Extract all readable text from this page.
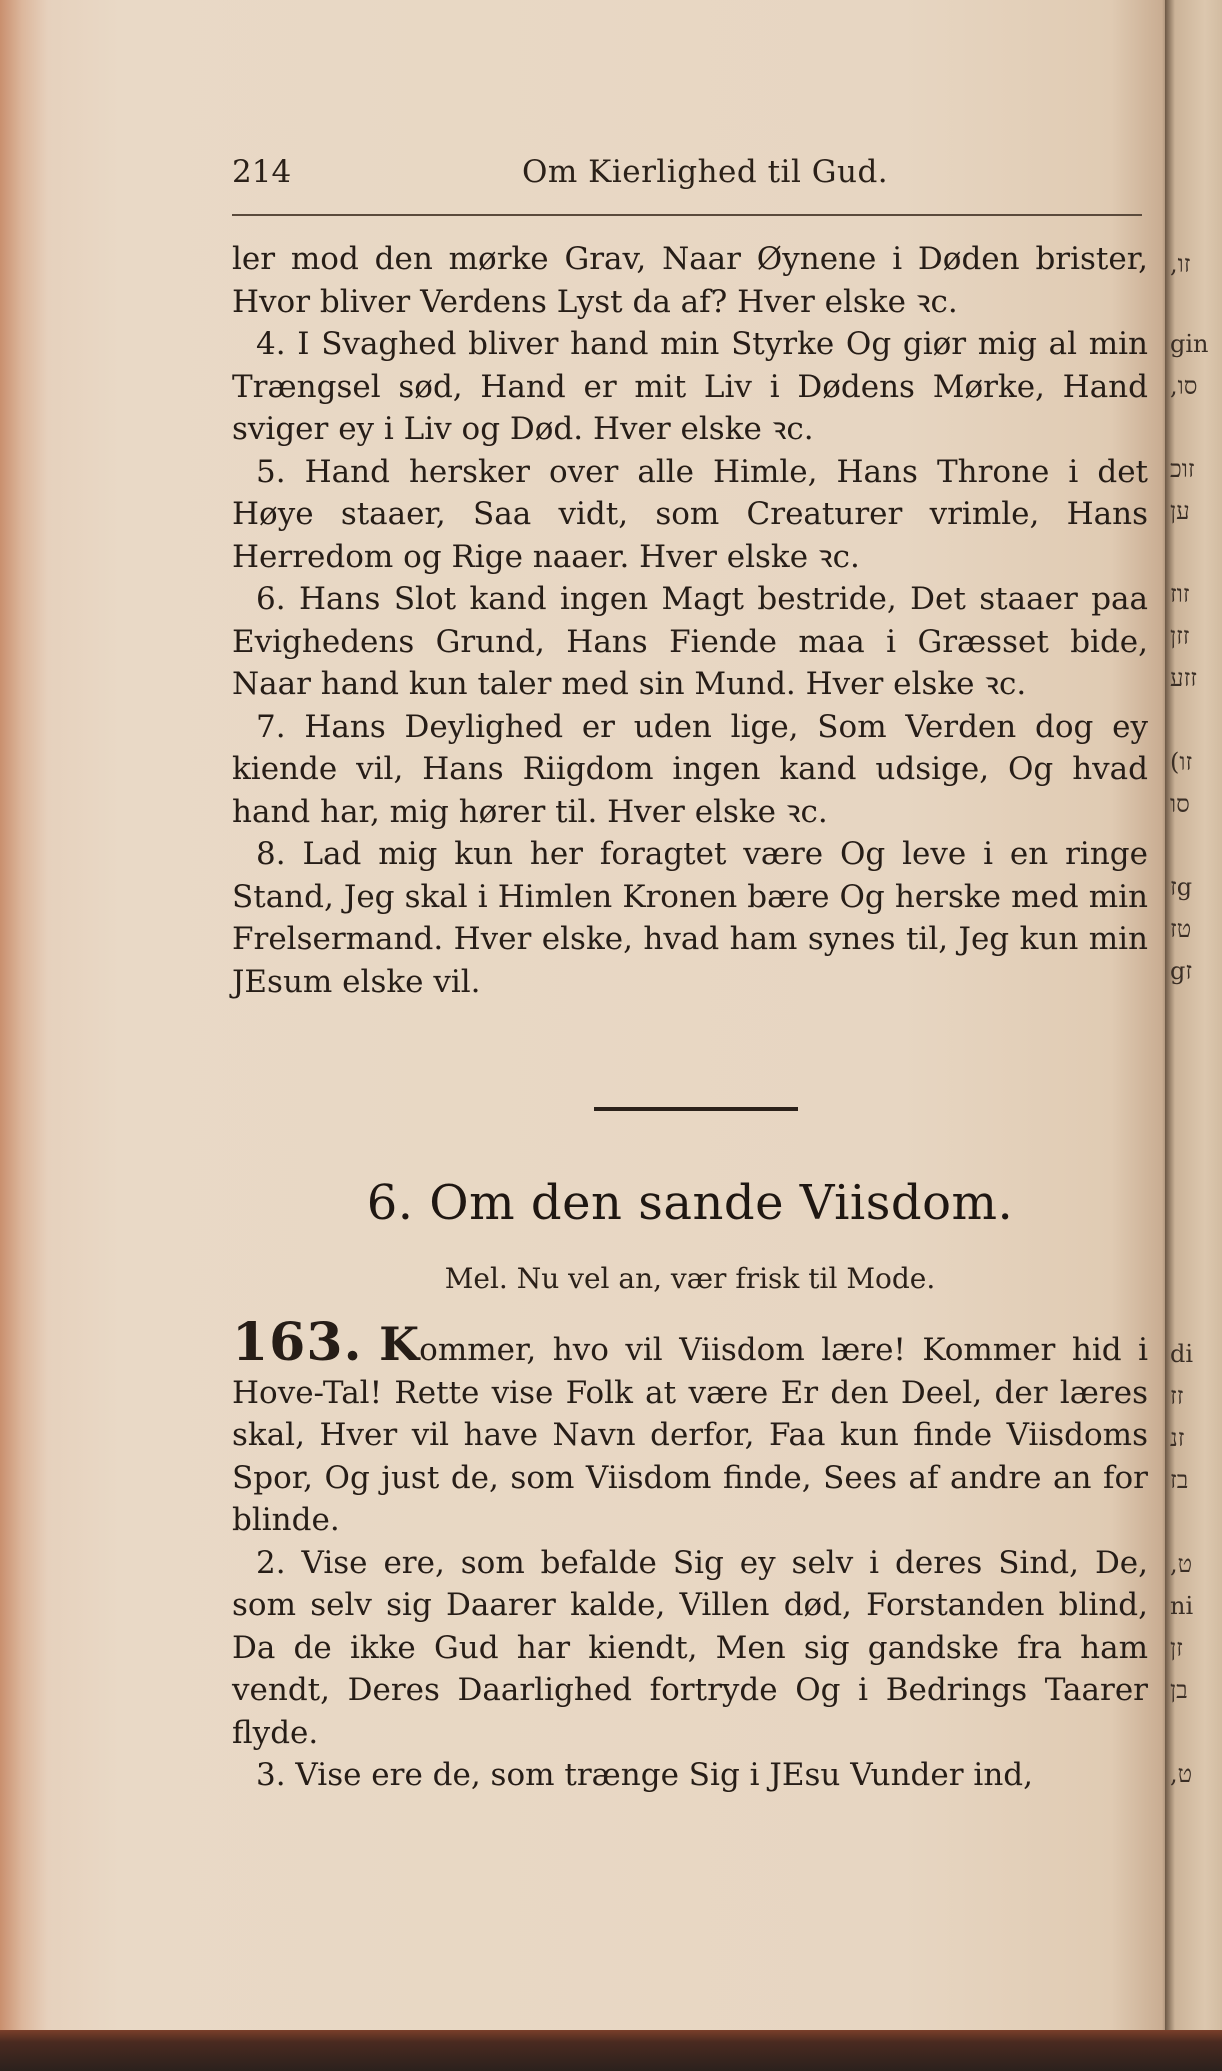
214	Om Kierlighed til Gud.

ler mod den mørke Grav, Naar Øynene i Døden brister, Hvor bliver Verdens Lyst da af? Hver elske ꝛc.

4. I Svaghed bliver hand min Styrke Og giør mig al min Trængsel sød, Hand er mit Liv i Dødens Mørke, Hand sviger ey i Liv og Død. Hver elske ꝛc.

5. Hand hersker over alle Himle, Hans Throne i det Høye staaer, Saa vidt, som Creaturer vrimle, Hans Herredom og Rige naaer. Hver elske ꝛc.

6. Hans Slot kand ingen Magt bestride, Det staaer paa Evighedens Grund, Hans Fiende maa i Græsset bide, Naar hand kun taler med sin Mund. Hver elske ꝛc.

7. Hans Deylighed er uden lige, Som Verden dog ey kiende vil, Hans Riigdom ingen kand udsige, Og hvad hand har, mig hører til. Hver elske ꝛc.

8. Lad mig kun her foragtet være Og leve i en ringe Stand, Jeg skal i Himlen Kronen bære Og herske med min Frelsermand. Hver elske, hvad ham synes til, Jeg kun min JEsum elske vil.

6. Om den sande Viisdom.
Mel. Nu vel an, vær frisk til Mode.

163. Kommer, hvo vil Viisdom lære! Kommer hid i Hove-Tal! Rette vise Folk at være Er den Deel, der læres skal, Hver vil have Navn derfor, Faa kun finde Viisdoms Spor, Og just de, som Viisdom finde, Sees af andre an for blinde.

2. Vise ere, som befalde Sig ey selv i deres Sind, De, som selv sig Daarer kalde, Villen død, Forstanden blind, Da de ikke Gud har kiendt, Men sig gandske fra ham vendt, Deres Daarlighed fortryde Og i Bedrings Taarer flyde.

3. Vise ere de, som trænge Sig i JEsu Vunder ind,

,זו
gin
,סו
זוכ
ען
זוז
זזן
זזע
(זו
סו
זg
טז
gז
di
זז
זנ
בז
,ט
ni
זן
בן
,ט
